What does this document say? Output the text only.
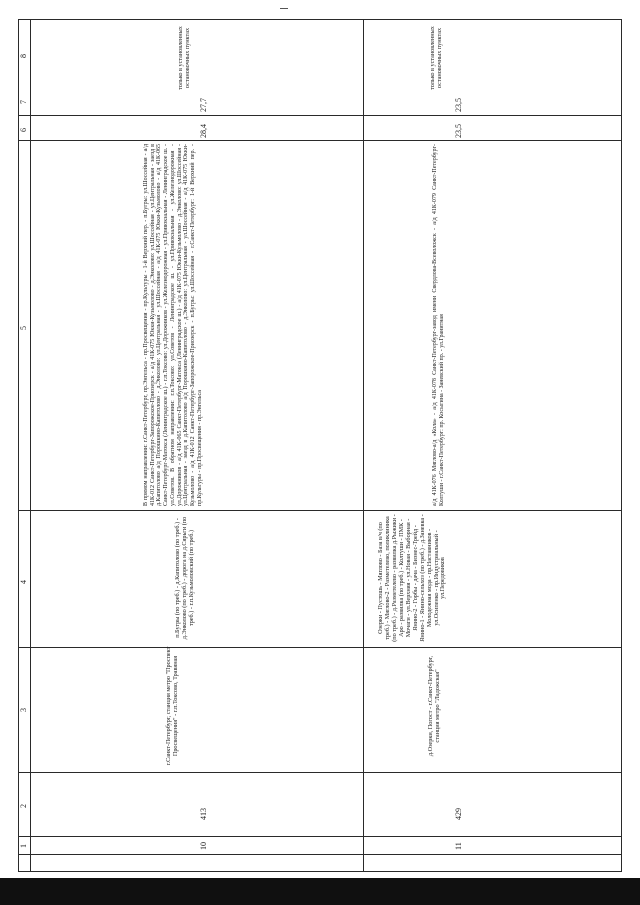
8
7
6
5
4
3
2
1	10
413
г.Санкт-Петербург, станция метро "Проспект Просвещения" - г.п.Токсово, Травяная
п.Бугры (по треб.) - д.Капитолово (по треб.) - д.Энколово (по треб.) - дорога на д.Сярьги (по треб.) - г.п.Кузьмоловский (по треб.)
В прямом направлении: г.Санкт-Петербург, пр.Энгельса - пр.Просвещения - пр.Культуры - 1-й Верхний пер. - п.Бугры: ул.Шоссейная - а/д 41К-012 Санкт-Петербург-Запорожское-Приозерск - а/д 41К-075 Юкки-Кузьмолово - д.Энколово: ул.Шоссейная - ул.Центральная - заезд в д.Капитолово а/д Порошкино-Капитолово - д.Энколово: ул.Центральная - ул.Шоссейная - а/д 41К-075 Юкки-Кузьмолово - а/д 41К-065 Санкт-Петербург-Матокса (Ленинградское ш.) - г.п.Токсово: ул.Дорожников - ул.Железнодорожная - ул.Привокзальная - Ленинградское ш. - ул.Советов. В обратном направлении: г.п.Токсово: ул.Советов - Ленинградское ш. - ул.Привокзальная - ул.Железнодорожная - ул.Дорожников - а/д 41К-065 Санкт-Петербург-Матокса (Ленинградское ш.) - а/д 41К-075 Юкки-Кузьмолово - д.Энколово: ул.Шоссейная - ул.Центральная - заезд в д.Капитолово а/д Порошкино-Капитолово - д.Энколово: ул.Центральная - ул.Шоссейная - а/д 41К-075 Юкки-Кузьмолово - а/д 41К-012 Санкт-Петербург-Запорожское-Приозерск - п.Бугры: ул.Шоссейная - г.Санкт-Петербург: 1-й Верхний пер. - пр.Культуры - пр.Просвещения - пр.Энгельса
28,4
27,7
только в установленных остановочных пунктах
11
429
д.Озерки, Погост - г.Санкт-Петербург, станция метро "Ладожская"
Озерки - Пустошь - Мяглово - База в/ч (по треб.) - Мяглово-2 - Разметелево, поликлиника (по треб.) - д.Разметелево - развилка д.Рыжики - Аро - развилка (по треб.) - Колтуши - ПМК - Мочаги - ул.Верхняя - ул.Новая - Выборная - Янино-2 - Горбы - дача - Бизнес-Трейд - Янино-1 - Янино-сельхоз (по треб.) - д.Заневка - Молодежная мода - пр.Наставников - ул.Осипенко - пр.Индустриальный - ул.Передовиков
а/д 41К-076 Мяглово-а/д «Кола» - а/д 41К-078 Санкт-Петербург-завод имени Свердлова-Всеволожск - а/д 41К-079 Санкт-Петербург-Колтуши - г.Санкт-Петербург: пр. Косыгина - Заневский пр. - ул.Гранитная
23,5
23,5
только в установленных остановочных пунктах
